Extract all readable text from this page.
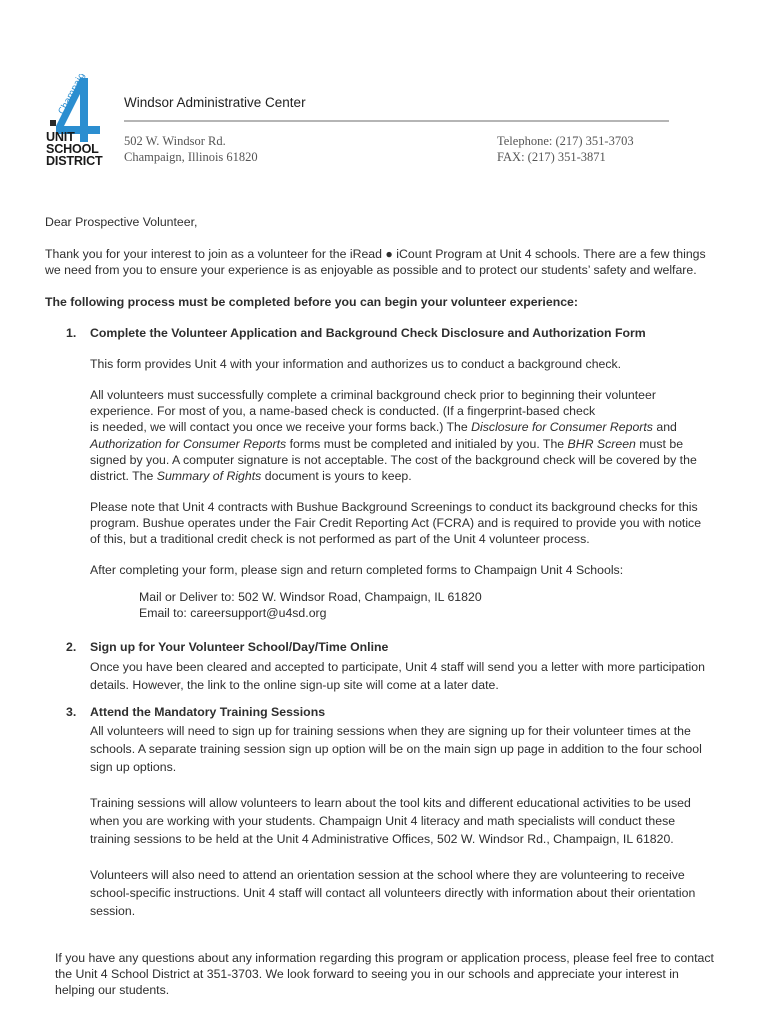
Champaign
UNIT
SCHOOL
DISTRICT
Windsor Administrative Center
502 W. Windsor Rd.
Champaign, Illinois 61820
Telephone: (217) 351-3703
FAX: (217) 351-3871
Dear Prospective Volunteer,
Thank you for your interest to join as a volunteer for the iRead ● iCount Program at Unit 4 schools. There are a few things
we need from you to ensure your experience is as enjoyable as possible and to protect our students’ safety and welfare.
The following process must be completed before you can begin your volunteer experience:
1. Complete the Volunteer Application and Background Check Disclosure and Authorization Form
This form provides Unit 4 with your information and authorizes us to conduct a background check.
All volunteers must successfully complete a criminal background check prior to beginning their volunteer
experience. For most of you, a name-based check is conducted. (If a fingerprint-based check
is needed, we will contact you once we receive your forms back.) The Disclosure for Consumer Reports and
Authorization for Consumer Reports forms must be completed and initialed by you. The BHR Screen must be
signed by you. A computer signature is not acceptable. The cost of the background check will be covered by the
district. The Summary of Rights document is yours to keep.
Please note that Unit 4 contracts with Bushue Background Screenings to conduct its background checks for this
program. Bushue operates under the Fair Credit Reporting Act (FCRA) and is required to provide you with notice
of this, but a traditional credit check is not performed as part of the Unit 4 volunteer process.
After completing your form, please sign and return completed forms to Champaign Unit 4 Schools:
Mail or Deliver to: 502 W. Windsor Road, Champaign, IL 61820
Email to: careersupport@u4sd.org
2. Sign up for Your Volunteer School/Day/Time Online
Once you have been cleared and accepted to participate, Unit 4 staff will send you a letter with more participation
details. However, the link to the online sign-up site will come at a later date.
3. Attend the Mandatory Training Sessions
All volunteers will need to sign up for training sessions when they are signing up for their volunteer times at the
schools. A separate training session sign up option will be on the main sign up page in addition to the four school
sign up options.
Training sessions will allow volunteers to learn about the tool kits and different educational activities to be used
when you are working with your students. Champaign Unit 4 literacy and math specialists will conduct these
training sessions to be held at the Unit 4 Administrative Offices, 502 W. Windsor Rd., Champaign, IL 61820.
Volunteers will also need to attend an orientation session at the school where they are volunteering to receive
school-specific instructions. Unit 4 staff will contact all volunteers directly with information about their orientation
session.
If you have any questions about any information regarding this program or application process, please feel free to contact
the Unit 4 School District at 351-3703. We look forward to seeing you in our schools and appreciate your interest in
helping our students.
